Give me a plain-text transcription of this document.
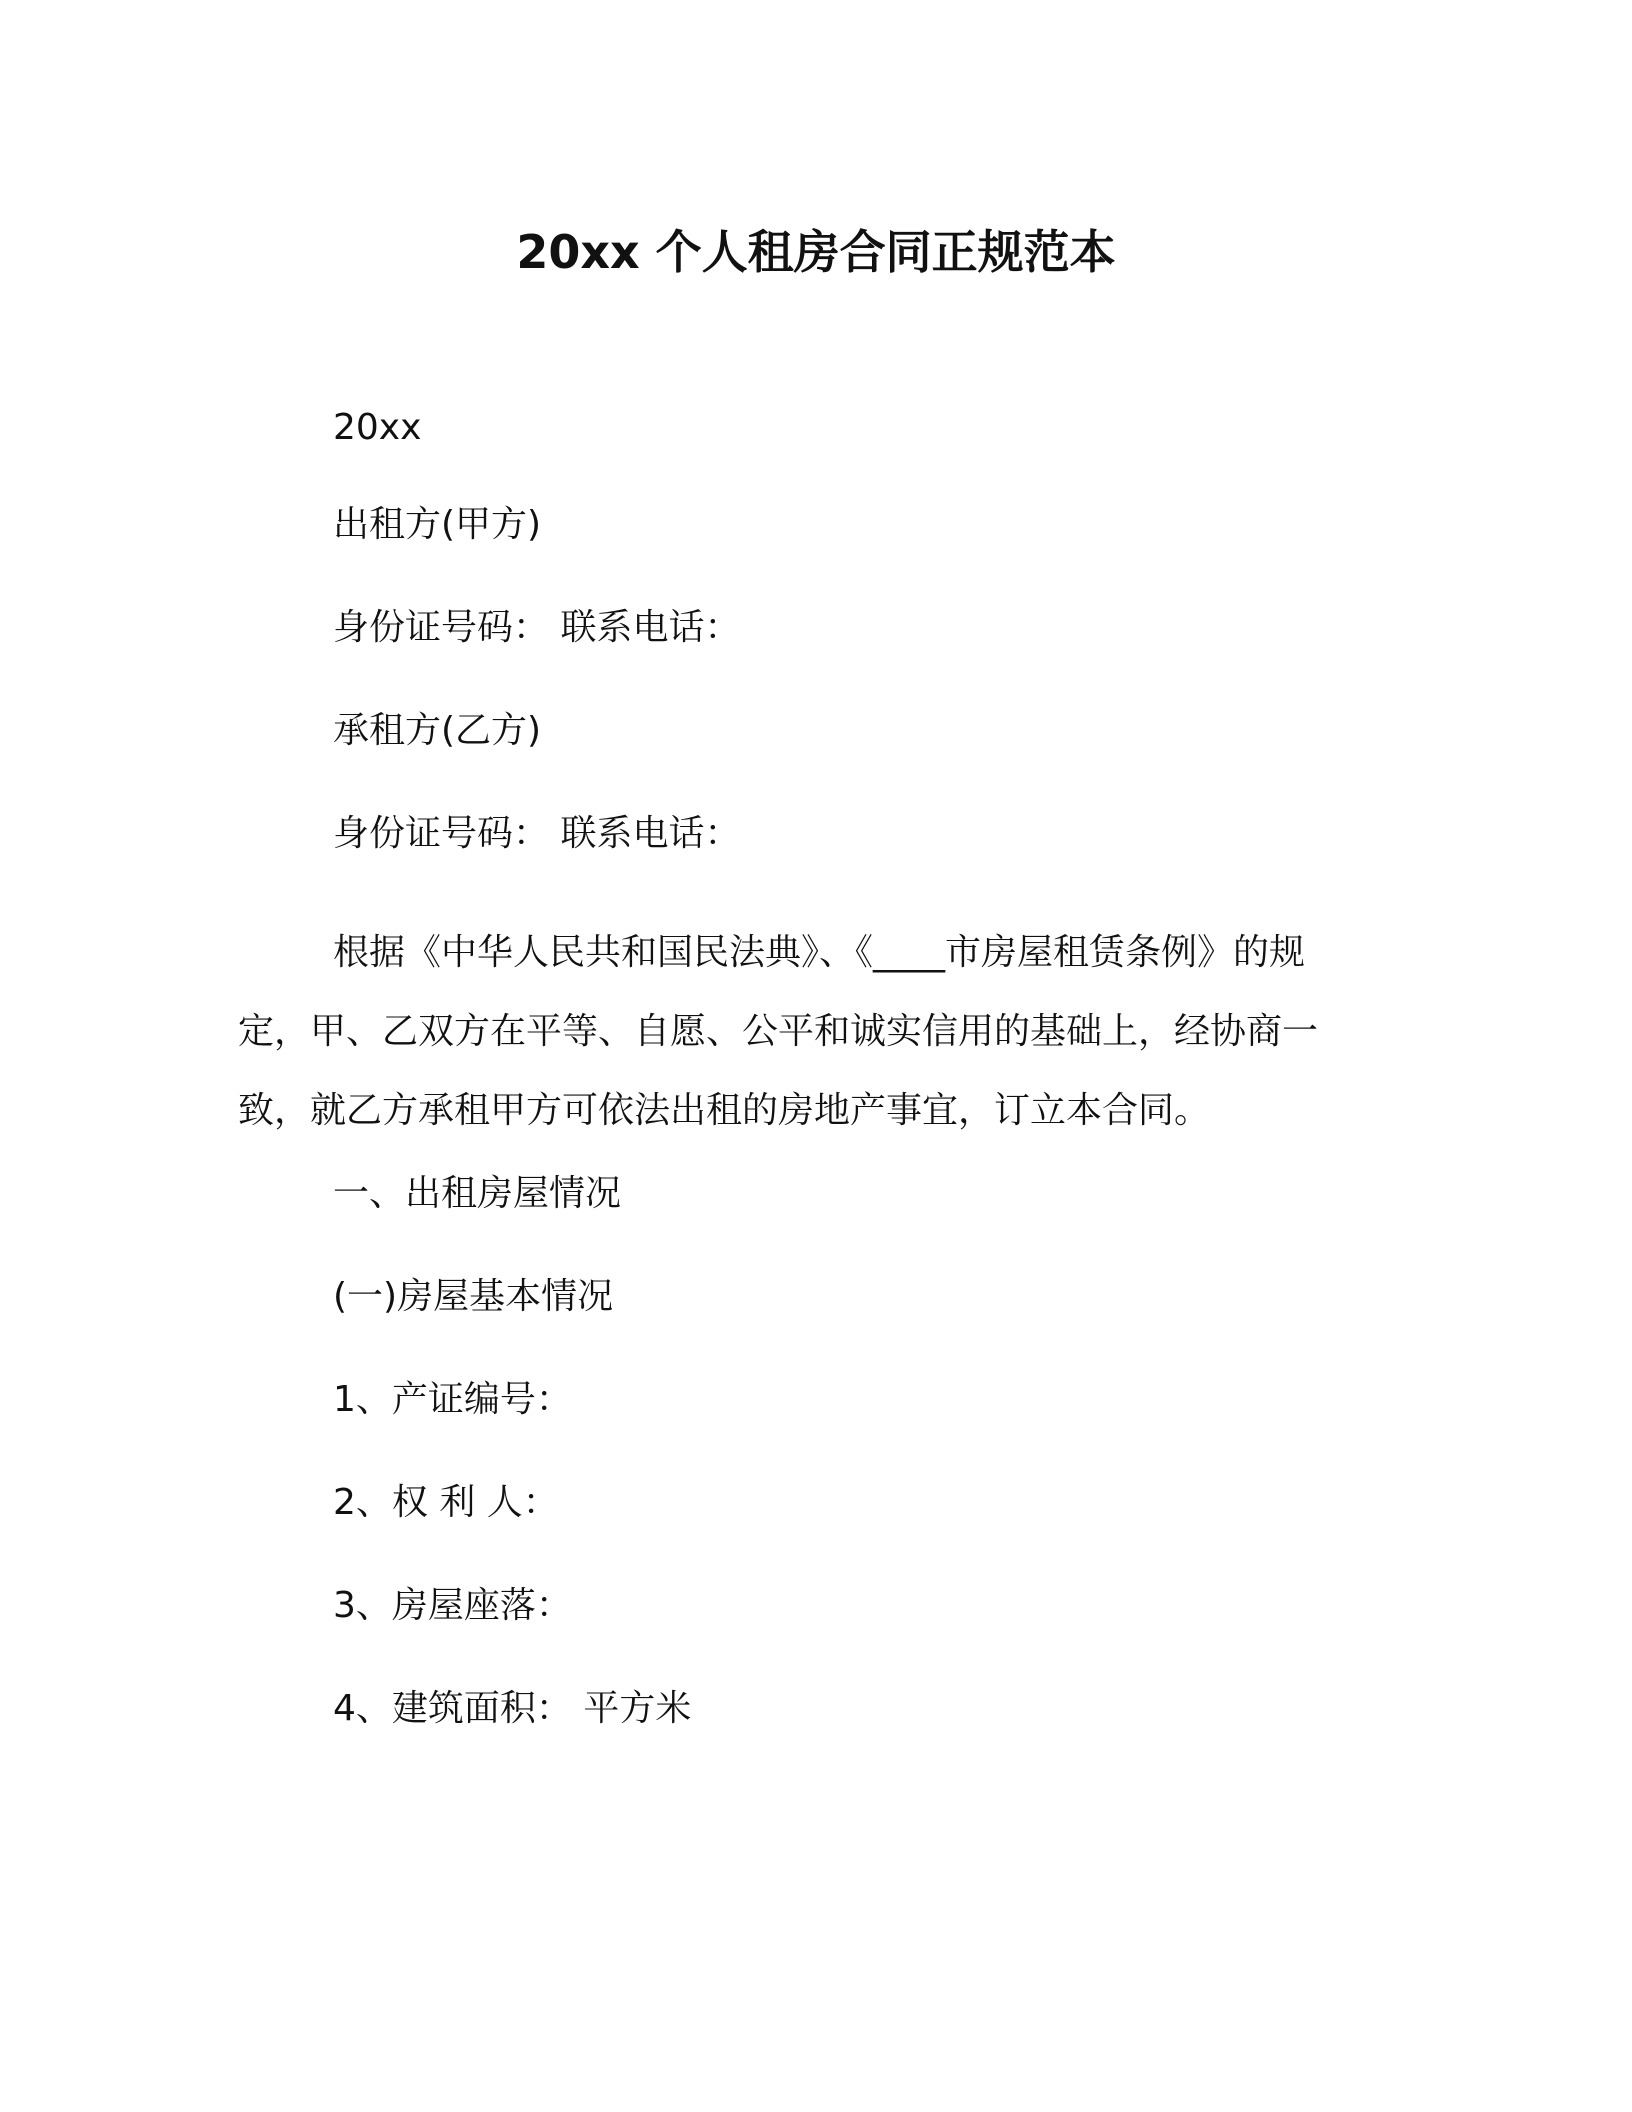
20xx 个人租房合同正规范本
20xx
出租方(甲方)
身份证号码： 联系电话：
承租方(乙方)
身份证号码： 联系电话：
根据《中华人民共和国民法典》、《____市房屋租赁条例》的规
定，甲、乙双方在平等、自愿、公平和诚实信用的基础上，经协商一
致，就乙方承租甲方可依法出租的房地产事宜，订立本合同。
一、出租房屋情况
(一)房屋基本情况
1、产证编号：
2、权 利 人：
3、房屋座落：
4、建筑面积： 平方米
